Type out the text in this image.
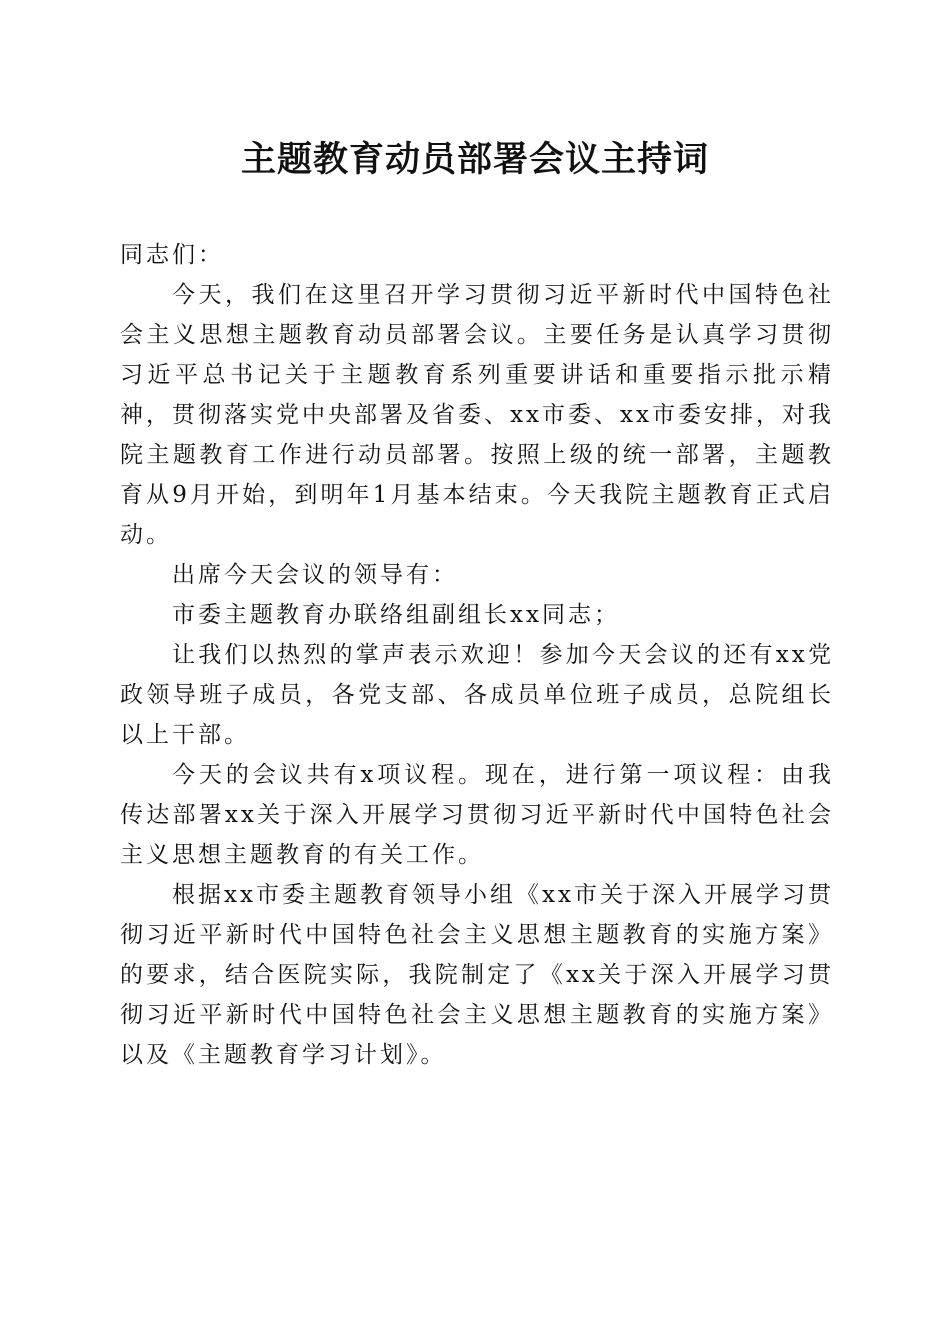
主题教育动员部署会议主持词

同志们：

今天，我们在这里召开学习贯彻习近平新时代中国特色社会主义思想主题教育动员部署会议。主要任务是认真学习贯彻习近平总书记关于主题教育系列重要讲话和重要指示批示精神，贯彻落实党中央部署及省委、xx市委、xx市委安排，对我院主题教育工作进行动员部署。按照上级的统一部署，主题教育从9月开始，到明年1月基本结束。今天我院主题教育正式启动。

出席今天会议的领导有：

市委主题教育办联络组副组长xx同志；

让我们以热烈的掌声表示欢迎！参加今天会议的还有xx党政领导班子成员，各党支部、各成员单位班子成员，总院组长以上干部。

今天的会议共有x项议程。现在，进行第一项议程：由我传达部署xx关于深入开展学习贯彻习近平新时代中国特色社会主义思想主题教育的有关工作。

根据xx市委主题教育领导小组《xx市关于深入开展学习贯彻习近平新时代中国特色社会主义思想主题教育的实施方案》的要求，结合医院实际，我院制定了《xx关于深入开展学习贯彻习近平新时代中国特色社会主义思想主题教育的实施方案》以及《主题教育学习计划》。
